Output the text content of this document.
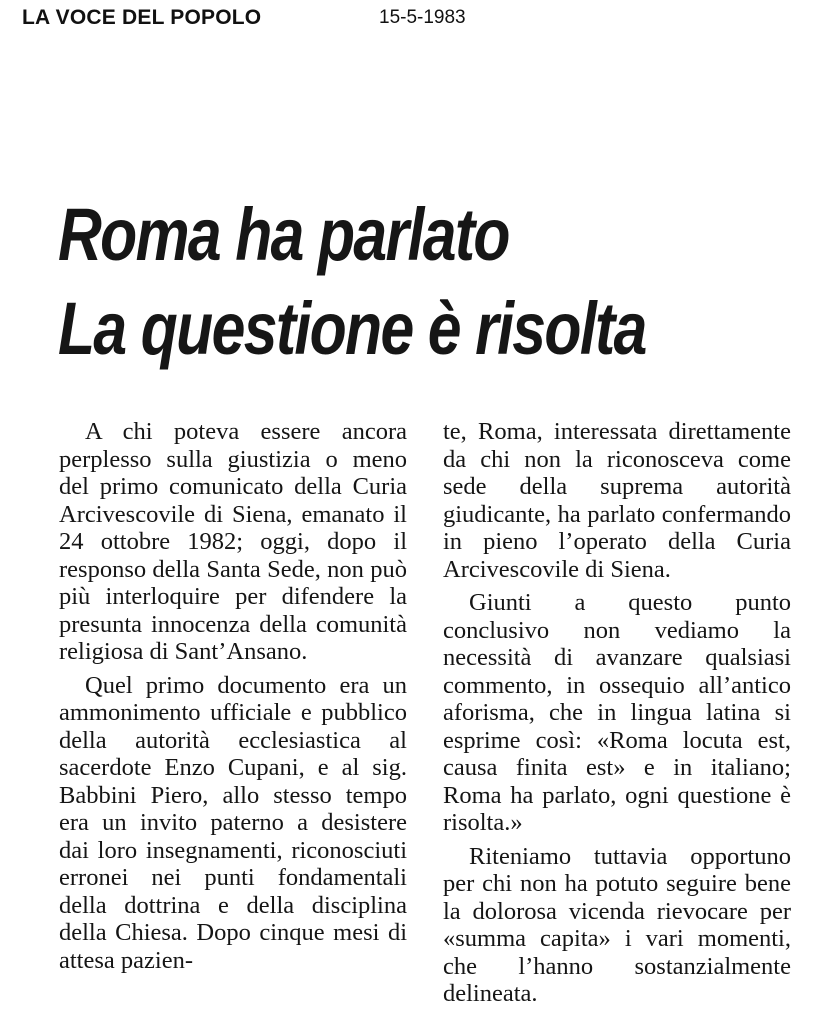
LA VOCE DEL POPOLO	15-5-1983
Roma ha parlato
La questione è risolta

A chi poteva essere ancora perplesso sulla giustizia o meno del primo comunicato della Curia Arcivescovile di Siena, emanato il 24 ottobre 1982; oggi, dopo il responso della Santa Sede, non può più interloquire per difendere la presunta innocenza della comunità religiosa di Sant’Ansano.

Quel primo documento era un ammonimento ufficiale e pubblico della autorità ecclesiastica al sacerdote Enzo Cupani, e al sig. Babbini Piero, allo stesso tempo era un invito paterno a desistere dai loro insegnamenti, riconosciuti erronei nei punti fondamentali della dottrina e della disciplina della Chiesa. Dopo cinque mesi di attesa pazien-

te, Roma, interessata direttamente da chi non la riconosceva come sede della suprema autorità giudicante, ha parlato confermando in pieno l’operato della Curia Arcivescovile di Siena.

Giunti a questo punto conclusivo non vediamo la necessità di avanzare qualsiasi commento, in ossequio all’antico aforisma, che in lingua latina si esprime così: «Roma locuta est, causa finita est» e in italiano; Roma ha parlato, ogni questione è risolta.»

Riteniamo tuttavia opportuno per chi non ha potuto seguire bene la dolorosa vicenda rievocare per «summa capita» i vari momenti, che l’hanno sostanzialmente delineata.
